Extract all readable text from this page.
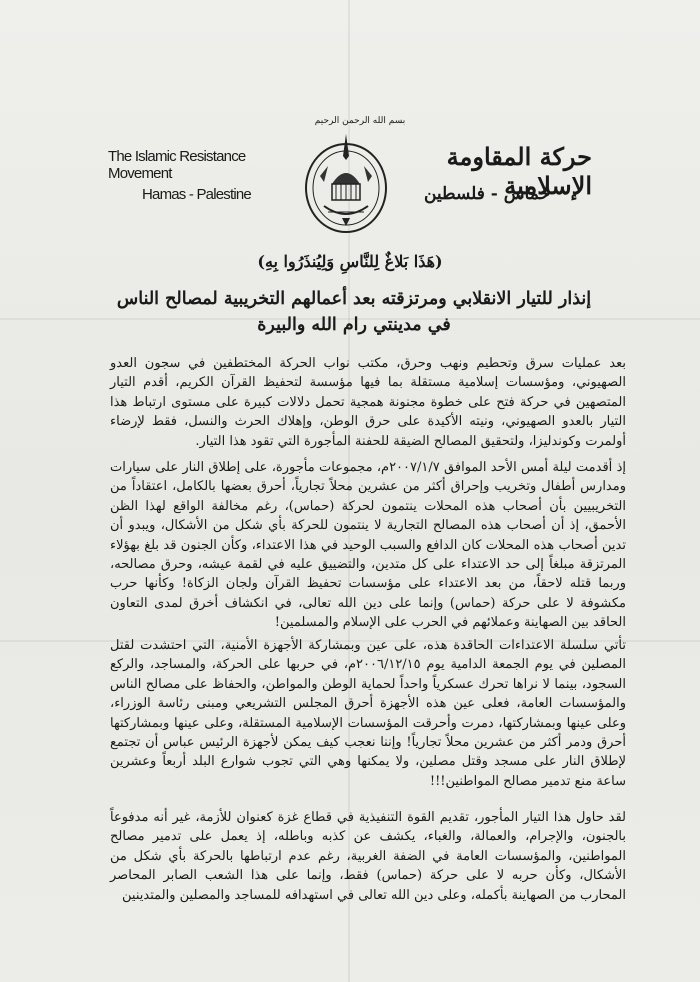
بسم الله الرحمن الرحيم
The Islamic Resistance Movement
Hamas - Palestine
حركة المقاومة الإسلامية
حماس - فلسطين
(هَذَا بَلاغٌ لِلنَّاسِ وَلِيُنذَرُوا بِهِ)
إنذار للتيار الانقلابي ومرتزقته بعد أعمالهم التخريبية لمصالح الناس في مدينتي رام الله والبيرة
بعد عمليات سرق وتحطيم ونهب وحرق، مكتب نواب الحركة المختطفين في سجون العدو الصهيوني، ومؤسسات إسلامية مستقلة بما فيها مؤسسة لتحفيظ القرآن الكريم، أقدم التيار المتصهين في حركة فتح على خطوة مجنونة همجية تحمل دلالات كبيرة على مستوى ارتباط هذا التيار بالعدو الصهيوني، ونيته الأكيدة على حرق الوطن، وإهلاك الحرث والنسل، فقط لإرضاء أولمرت وكوندليزا، ولتحقيق المصالح الضيقة للحفنة المأجورة التي تقود هذا التيار.
إذ أقدمت ليلة أمس الأحد الموافق ٢٠٠٧/١/٧م، مجموعات مأجورة، على إطلاق النار على سيارات ومدارس أطفال وتخريب وإحراق أكثر من عشرين محلاً تجارياً، أحرق بعضها بالكامل، اعتقاداً من التخريبيين بأن أصحاب هذه المحلات ينتمون لحركة (حماس)، رغم مخالفة الواقع لهذا الظن الأحمق، إذ أن أصحاب هذه المصالح التجارية لا ينتمون للحركة بأي شكل من الأشكال، ويبدو أن تدين أصحاب هذه المحلات كان الدافع والسبب الوحيد في هذا الاعتداء، وكأن الجنون قد بلغ بهؤلاء المرتزقة مبلغاً إلى حد الاعتداء على كل متدين، والتضييق عليه في لقمة عيشه، وحرق مصالحه، وربما قتله لاحقاً، من بعد الاعتداء على مؤسسات تحفيظ القرآن ولجان الزكاة! وكأنها حرب مكشوفة لا على حركة (حماس) وإنما على دين الله تعالى، في انكشاف أخرق لمدى التعاون الحاقد بين الصهاينة وعملائهم في الحرب على الإسلام والمسلمين!
تأتي سلسلة الاعتداءات الحاقدة هذه، على عين وبمشاركة الأجهزة الأمنية، التي احتشدت لقتل المصلين في يوم الجمعة الدامية يوم ٢٠٠٦/١٢/١٥م، في حربها على الحركة، والمساجد، والركع السجود، بينما لا نراها تحرك عسكرياً واحداً لحماية الوطن والمواطن، والحفاظ على مصالح الناس والمؤسسات العامة، فعلى عين هذه الأجهزة أحرق المجلس التشريعي ومبنى رئاسة الوزراء، وعلى عينها وبمشاركتها، دمرت وأحرقت المؤسسات الإسلامية المستقلة، وعلى عينها وبمشاركتها أحرق ودمر أكثر من عشرين محلاً تجارياً! وإننا نعجب كيف يمكن لأجهزة الرئيس عباس أن تجتمع لإطلاق النار على مسجد وقتل مصلين، ولا يمكنها وهي التي تجوب شوارع البلد أربعاً وعشرين ساعة منع تدمير مصالح المواطنين!!!
لقد حاول هذا التيار المأجور، تقديم القوة التنفيذية في قطاع غزة كعنوان للأزمة، غير أنه مدفوعاً بالجنون، والإجرام، والعمالة، والغباء، يكشف عن كذبه وباطله، إذ يعمل على تدمير مصالح المواطنين، والمؤسسات العامة في الضفة الغربية، رغم عدم ارتباطها بالحركة بأي شكل من الأشكال، وكأن حربه لا على حركة (حماس) فقط، وإنما على هذا الشعب الصابر المحاصر المحارب من الصهاينة بأكمله، وعلى دين الله تعالى في استهدافه للمساجد والمصلين والمتدينين
